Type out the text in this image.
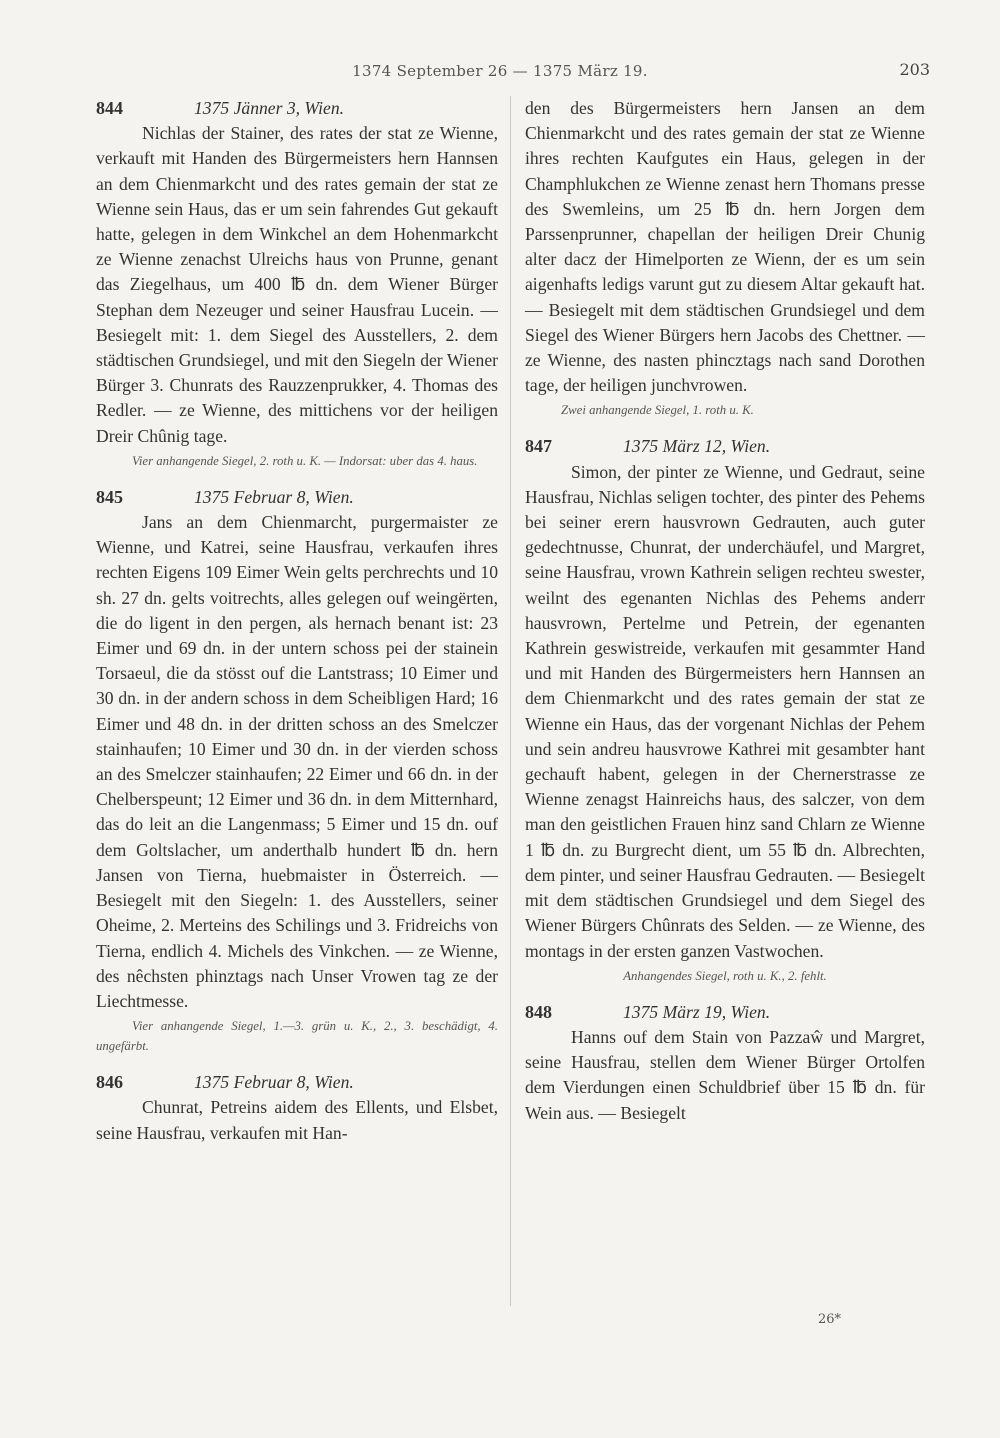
1374 September 26 — 1375 März 19.	203
844	1375 Jänner 3, Wien.

Nichlas der Stainer, des rates der stat ze Wienne, verkauft mit Handen des Bürgermeisters hern Hannsen an dem Chienmarkcht und des rates gemain der stat ze Wienne sein Haus, das er um sein fahrendes Gut gekauft hatte, gelegen in dem Winkchel an dem Hohenmarkcht ze Wienne zenachst Ulreichs haus von Prunne, genant das Ziegelhaus, um 400 ℔ dn. dem Wiener Bürger Stephan dem Nezeuger und seiner Hausfrau Lucein. — Besiegelt mit: 1. dem Siegel des Ausstellers, 2. dem städtischen Grundsiegel, und mit den Siegeln der Wiener Bürger 3. Chunrats des Rauzzenprukker, 4. Thomas des Redler. — ze Wienne, des mittichens vor der heiligen Dreir Chûnig tage.

Vier anhangende Siegel, 2. roth u. K. — Indorsat: uber das 4. haus.

845	1375 Februar 8, Wien.

Jans an dem Chienmarcht, purgermaister ze Wienne, und Katrei, seine Hausfrau, verkaufen ihres rechten Eigens 109 Eimer Wein gelts perchrechts und 10 sh. 27 dn. gelts voitrechts, alles gelegen ouf weingërten, die do ligent in den pergen, als hernach benant ist: 23 Eimer und 69 dn. in der untern schoss pei der stainein Torsaeul, die da stösst ouf die Lantstrass; 10 Eimer und 30 dn. in der andern schoss in dem Scheibligen Hard; 16 Eimer und 48 dn. in der dritten schoss an des Smelczer stainhaufen; 10 Eimer und 30 dn. in der vierden schoss an des Smelczer stainhaufen; 22 Eimer und 66 dn. in der Chelberspeunt; 12 Eimer und 36 dn. in dem Mitternhard, das do leit an die Langenmass; 5 Eimer und 15 dn. ouf dem Goltslacher, um anderthalb hundert ℔ dn. hern Jansen von Tierna, huebmaister in Österreich. — Besiegelt mit den Siegeln: 1. des Ausstellers, seiner Oheime, 2. Merteins des Schilings und 3. Fridreichs von Tierna, endlich 4. Michels des Vinkchen. — ze Wienne, des nêchsten phinztags nach Unser Vrowen tag ze der Liechtmesse.

Vier anhangende Siegel, 1.—3. grün u. K., 2., 3. beschädigt, 4. ungefärbt.

846	1375 Februar 8, Wien.

Chunrat, Petreins aidem des Ellents, und Elsbet, seine Hausfrau, verkaufen mit Han-

den des Bürgermeisters hern Jansen an dem Chienmarkcht und des rates gemain der stat ze Wienne ihres rechten Kaufgutes ein Haus, gelegen in der Champhlukchen ze Wienne zenast hern Thomans presse des Swemleins, um 25 ℔ dn. hern Jorgen dem Parssenprunner, chapellan der heiligen Dreir Chunig alter dacz der Himelporten ze Wienn, der es um sein aigenhafts ledigs varunt gut zu diesem Altar gekauft hat. — Besiegelt mit dem städtischen Grundsiegel und dem Siegel des Wiener Bürgers hern Jacobs des Chettner. — ze Wienne, des nasten phincztags nach sand Dorothen tage, der heiligen junchvrowen.

Zwei anhangende Siegel, 1. roth u. K.

847	1375 März 12, Wien.

Simon, der pinter ze Wienne, und Gedraut, seine Hausfrau, Nichlas seligen tochter, des pinter des Pehems bei seiner erern hausvrown Gedrauten, auch guter gedechtnusse, Chunrat, der underchäufel, und Margret, seine Hausfrau, vrown Kathrein seligen rechteu swester, weilnt des egenanten Nichlas des Pehems anderr hausvrown, Pertelme und Petrein, der egenanten Kathrein geswistreide, verkaufen mit gesammter Hand und mit Handen des Bürgermeisters hern Hannsen an dem Chienmarkcht und des rates gemain der stat ze Wienne ein Haus, das der vorgenant Nichlas der Pehem und sein andreu hausvrowe Kathrei mit gesambter hant gechauft habent, gelegen in der Chernerstrasse ze Wienne zenagst Hainreichs haus, des salczer, von dem man den geistlichen Frauen hinz sand Chlarn ze Wienne 1 ℔ dn. zu Burgrecht dient, um 55 ℔ dn. Albrechten, dem pinter, und seiner Hausfrau Gedrauten. — Besiegelt mit dem städtischen Grundsiegel und dem Siegel des Wiener Bürgers Chûnrats des Selden. — ze Wienne, des montags in der ersten ganzen Vastwochen.

Anhangendes Siegel, roth u. K., 2. fehlt.

848	1375 März 19, Wien.

Hanns ouf dem Stain von Pazzaŵ und Margret, seine Hausfrau, stellen dem Wiener Bürger Ortolfen dem Vierdungen einen Schuldbrief über 15 ℔ dn. für Wein aus. — Besiegelt

26*
